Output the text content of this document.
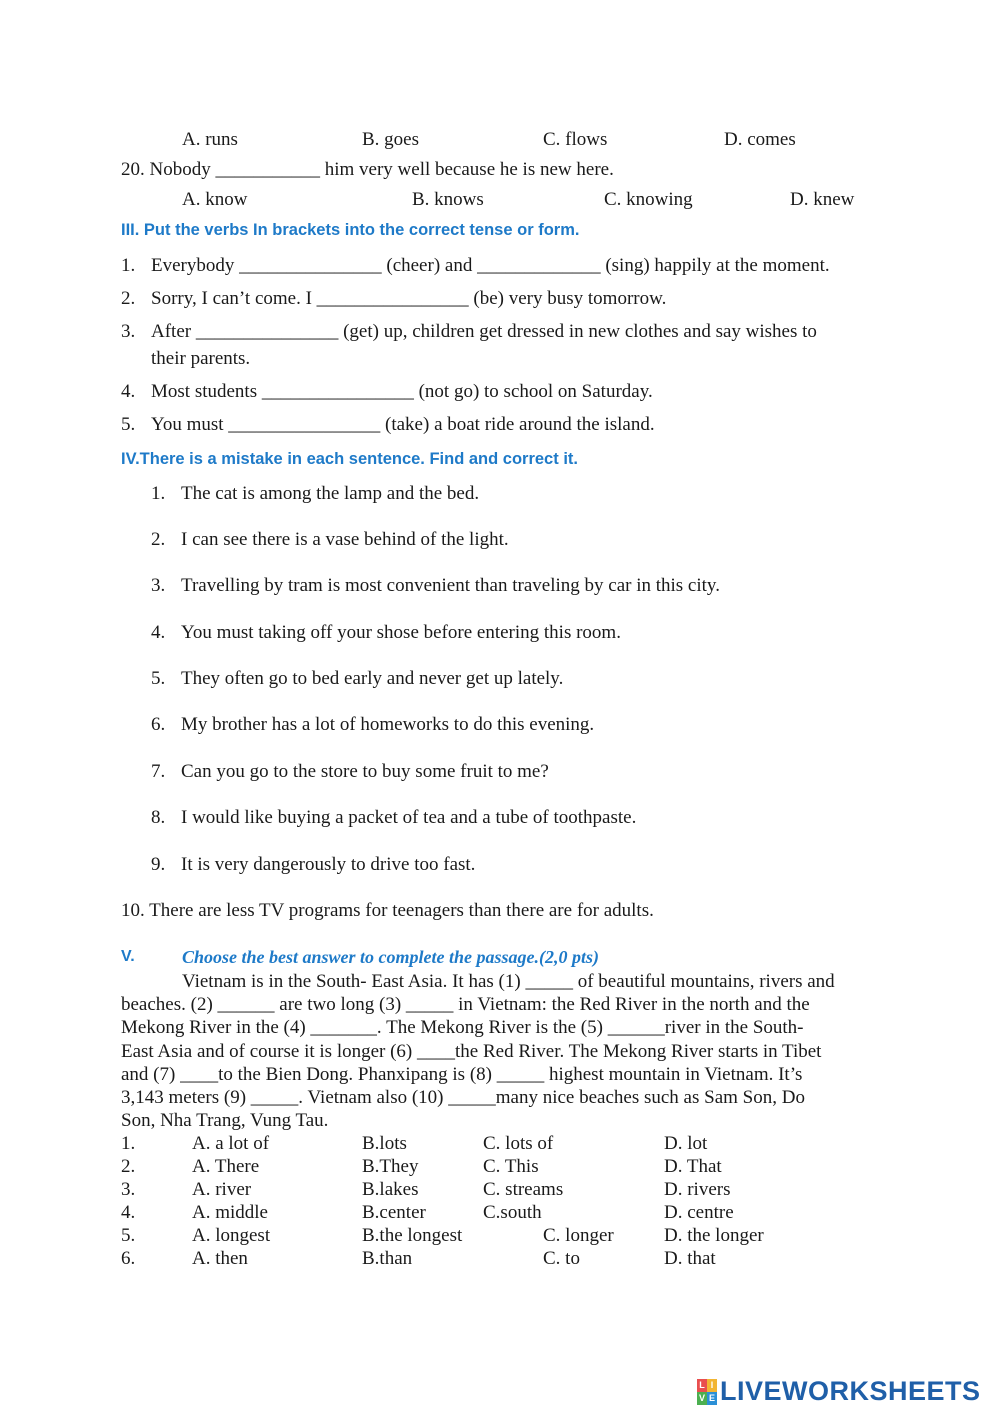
A. runs	B. goes	C. flows	D. comes
20. Nobody ___________ him very well because he is new here.
A. know	B. knows	C. knowing	D. knew
III. Put the verbs In brackets into the correct tense or form.
1. Everybody _______________ (cheer) and _____________ (sing) happily at the moment.
2. Sorry, I can’t come. I ________________ (be) very busy tomorrow.
3. After _______________ (get) up, children get dressed in new clothes and say wishes to
their parents.
4. Most students ________________ (not go) to school on Saturday.
5. You must ________________ (take) a boat ride around the island.
IV.There is a mistake in each sentence. Find and correct it.
1. The cat is among the lamp and the bed.
2. I can see there is a vase behind of the light.
3. Travelling by tram is most convenient than traveling by car in this city.
4. You must taking off your shose before entering this room.
5. They often go to bed early and never get up lately.
6. My brother has a lot of homeworks to do this evening.
7. Can you go to the store to buy some fruit to me?
8. I would like buying a packet of tea and a tube of toothpaste.
9. It is very dangerously to drive too fast.
10. There are less TV programs for teenagers than there are for adults.
V.	Choose the best answer to complete the passage.(2,0 pts)
Vietnam is in the South- East Asia. It has (1) _____ of beautiful mountains, rivers and
beaches. (2) ______ are two long (3) _____ in Vietnam: the Red River in the north and the
Mekong River in the (4) _______. The Mekong River is the (5) ______river in the South-
East Asia and of course it is longer (6) ____the Red River. The Mekong River starts in Tibet
and (7) ____to the Bien Dong. Phanxipang is (8) _____ highest mountain in Vietnam. It’s
3,143 meters (9) _____. Vietnam also (10) _____many nice beaches such as Sam Son, Do
Son, Nha Trang, Vung Tau.
1.	A. a lot of	B.lots	C. lots of	D. lot
2.	A. There	B.They	C. This	D. That
3.	A. river	B.lakes	C. streams	D. rivers
4.	A. middle	B.center	C.south	D. centre
5.	A. longest	B.the longest	C. longer	D. the longer
6.	A. then	B.than	C. to	D. that
L I
V E LIVEWORKSHEETS
